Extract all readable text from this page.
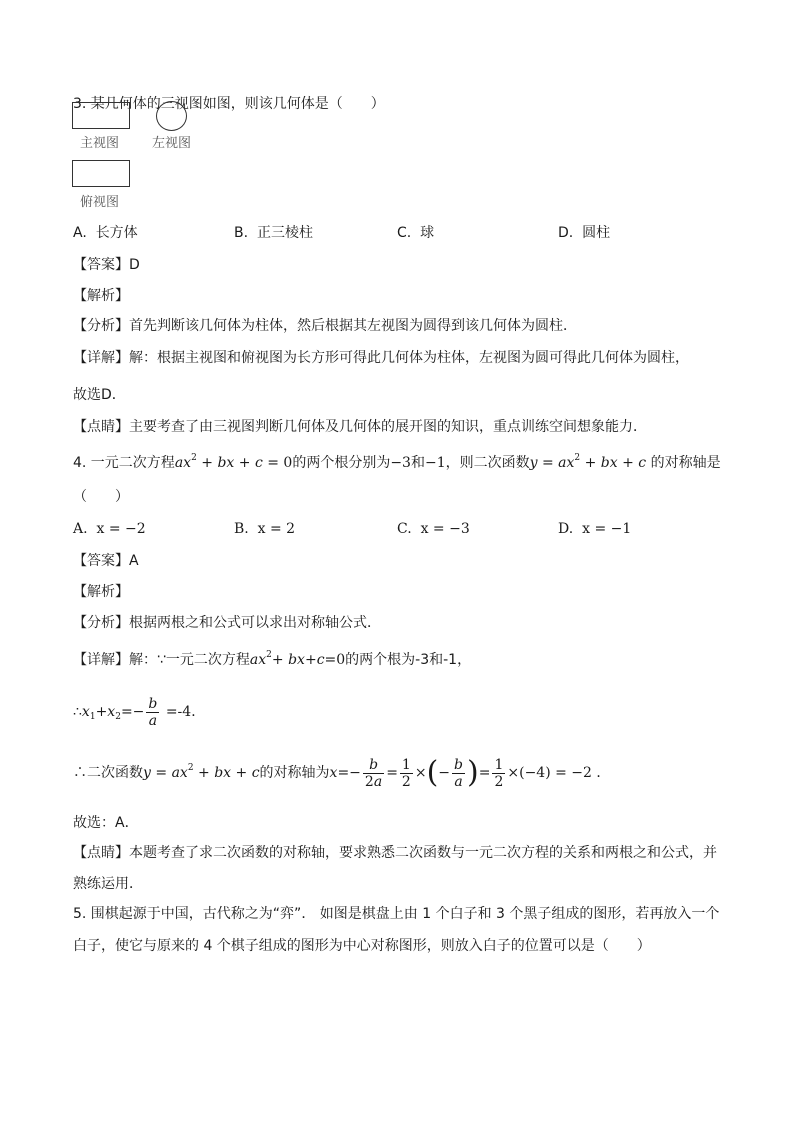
3. 某几何体的三视图如图，则该几何体是（　　）
主视图	左视图
俯视图
A. 长方体	B. 正三棱柱	C. 球	D. 圆柱
【答案】D
【解析】
【分析】首先判断该几何体为柱体，然后根据其左视图为圆得到该几何体为圆柱．
【详解】解：根据主视图和俯视图为长方形可得此几何体为柱体，左视图为圆可得此几何体为圆柱，
故选D．
【点睛】主要考查了由三视图判断几何体及几何体的展开图的知识，重点训练空间想象能力．
4. 一元二次方程$ax^2$ + bx + c = 0的两个根分别为−3和−1，则二次函数$y = ax^2$ + bx + c 的对称轴是
（　　）
A. x = −2	B. x = 2	C. x = −3	D. x = −1
【答案】A
【解析】
【分析】根据两根之和公式可以求出对称轴公式．
【详解】解：∵一元二次方程$ax^2+ bx+c=0$的两个根为-3和-1，
$\therefore x_1+x_2=- \frac{b}{a} =-4$．
∴二次函数$y = ax^2$ + bx + c的对称轴为$x=- \frac{b}{2a} = \frac{1}{2}$ ×(− $\frac{b}{a}$ )= $\frac{1}{2} \times(-4) = -2$ ．
故选：A．
【点睛】本题考查了求二次函数的对称轴，要求熟悉二次函数与一元二次方程的关系和两根之和公式，并
熟练运用．
5. 围棋起源于中国，古代称之为“弈”． 如图是棋盘上由 1 个白子和 3 个黑子组成的图形，若再放入一个
白子，使它与原来的 4 个棋子组成的图形为中心对称图形，则放入白子的位置可以是（　　）
